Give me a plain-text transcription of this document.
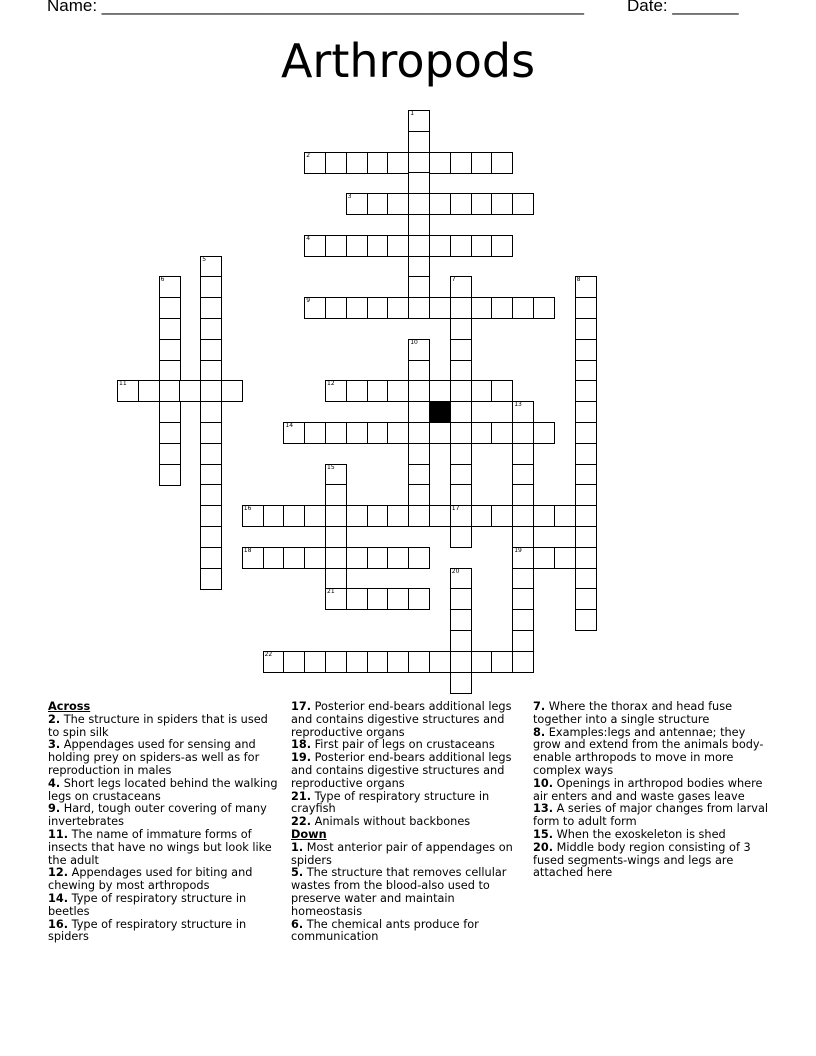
Name: ___________________________________________________	Date: _______
Arthropods
1
2
3
4
5
6	7
17
8
9
10
11	12
13
19
14
15
21
16
18
20
22
Across
2. The structure in spiders that is used to spin silk
3. Appendages used for sensing and holding prey on spiders-as well as for reproduction in males
4. Short legs located behind the walking legs on crustaceans
9. Hard, tough outer covering of many invertebrates
11. The name of immature forms of insects that have no wings but look like the adult
12. Appendages used for biting and chewing by most arthropods
14. Type of respiratory structure in beetles
16. Type of respiratory structure in spiders
17. Posterior end-bears additional legs and contains digestive structures and reproductive organs
18. First pair of legs on crustaceans
19. Posterior end-bears additional legs and contains digestive structures and reproductive organs
21. Type of respiratory structure in crayfish
22. Animals without backbones
Down
1. Most anterior pair of appendages on spiders
5. The structure that removes cellular wastes from the blood-also used to preserve water and maintain homeostasis
6. The chemical ants produce for communication
7. Where the thorax and head fuse together into a single structure
8. Examples:legs and antennae; they grow and extend from the animals body-enable arthropods to move in more complex ways
10. Openings in arthropod bodies where air enters and and waste gases leave
13. A series of major changes from larval form to adult form
15. When the exoskeleton is shed
20. Middle body region consisting of 3 fused segments-wings and legs are attached here
